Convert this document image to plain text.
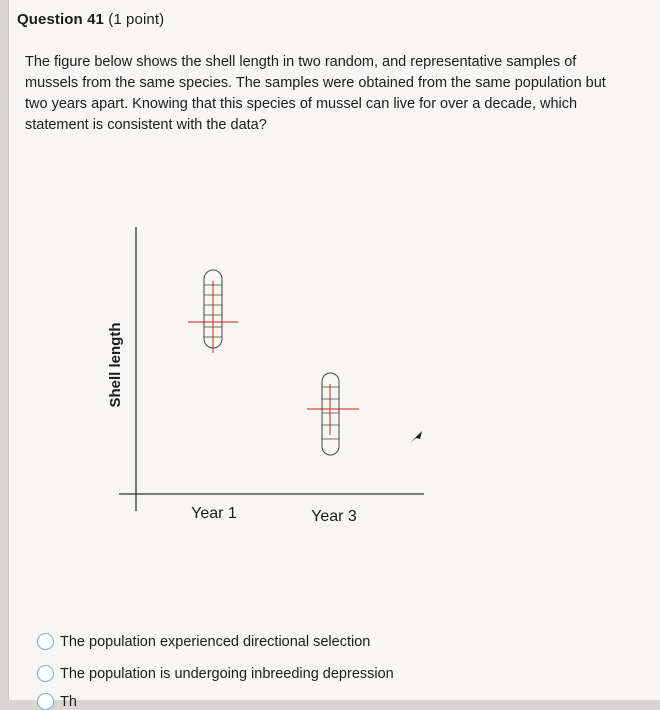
Question 41 (1 point)
The figure below shows the shell length in two random, and representative samples of mussels from the same species. The samples were obtained from the same population but two years apart. Knowing that this species of mussel can live for over a decade, which statement is consistent with the data?
Shell length
Year 1	Year 3
The population experienced directional selection
The population is undergoing inbreeding depression
Th
